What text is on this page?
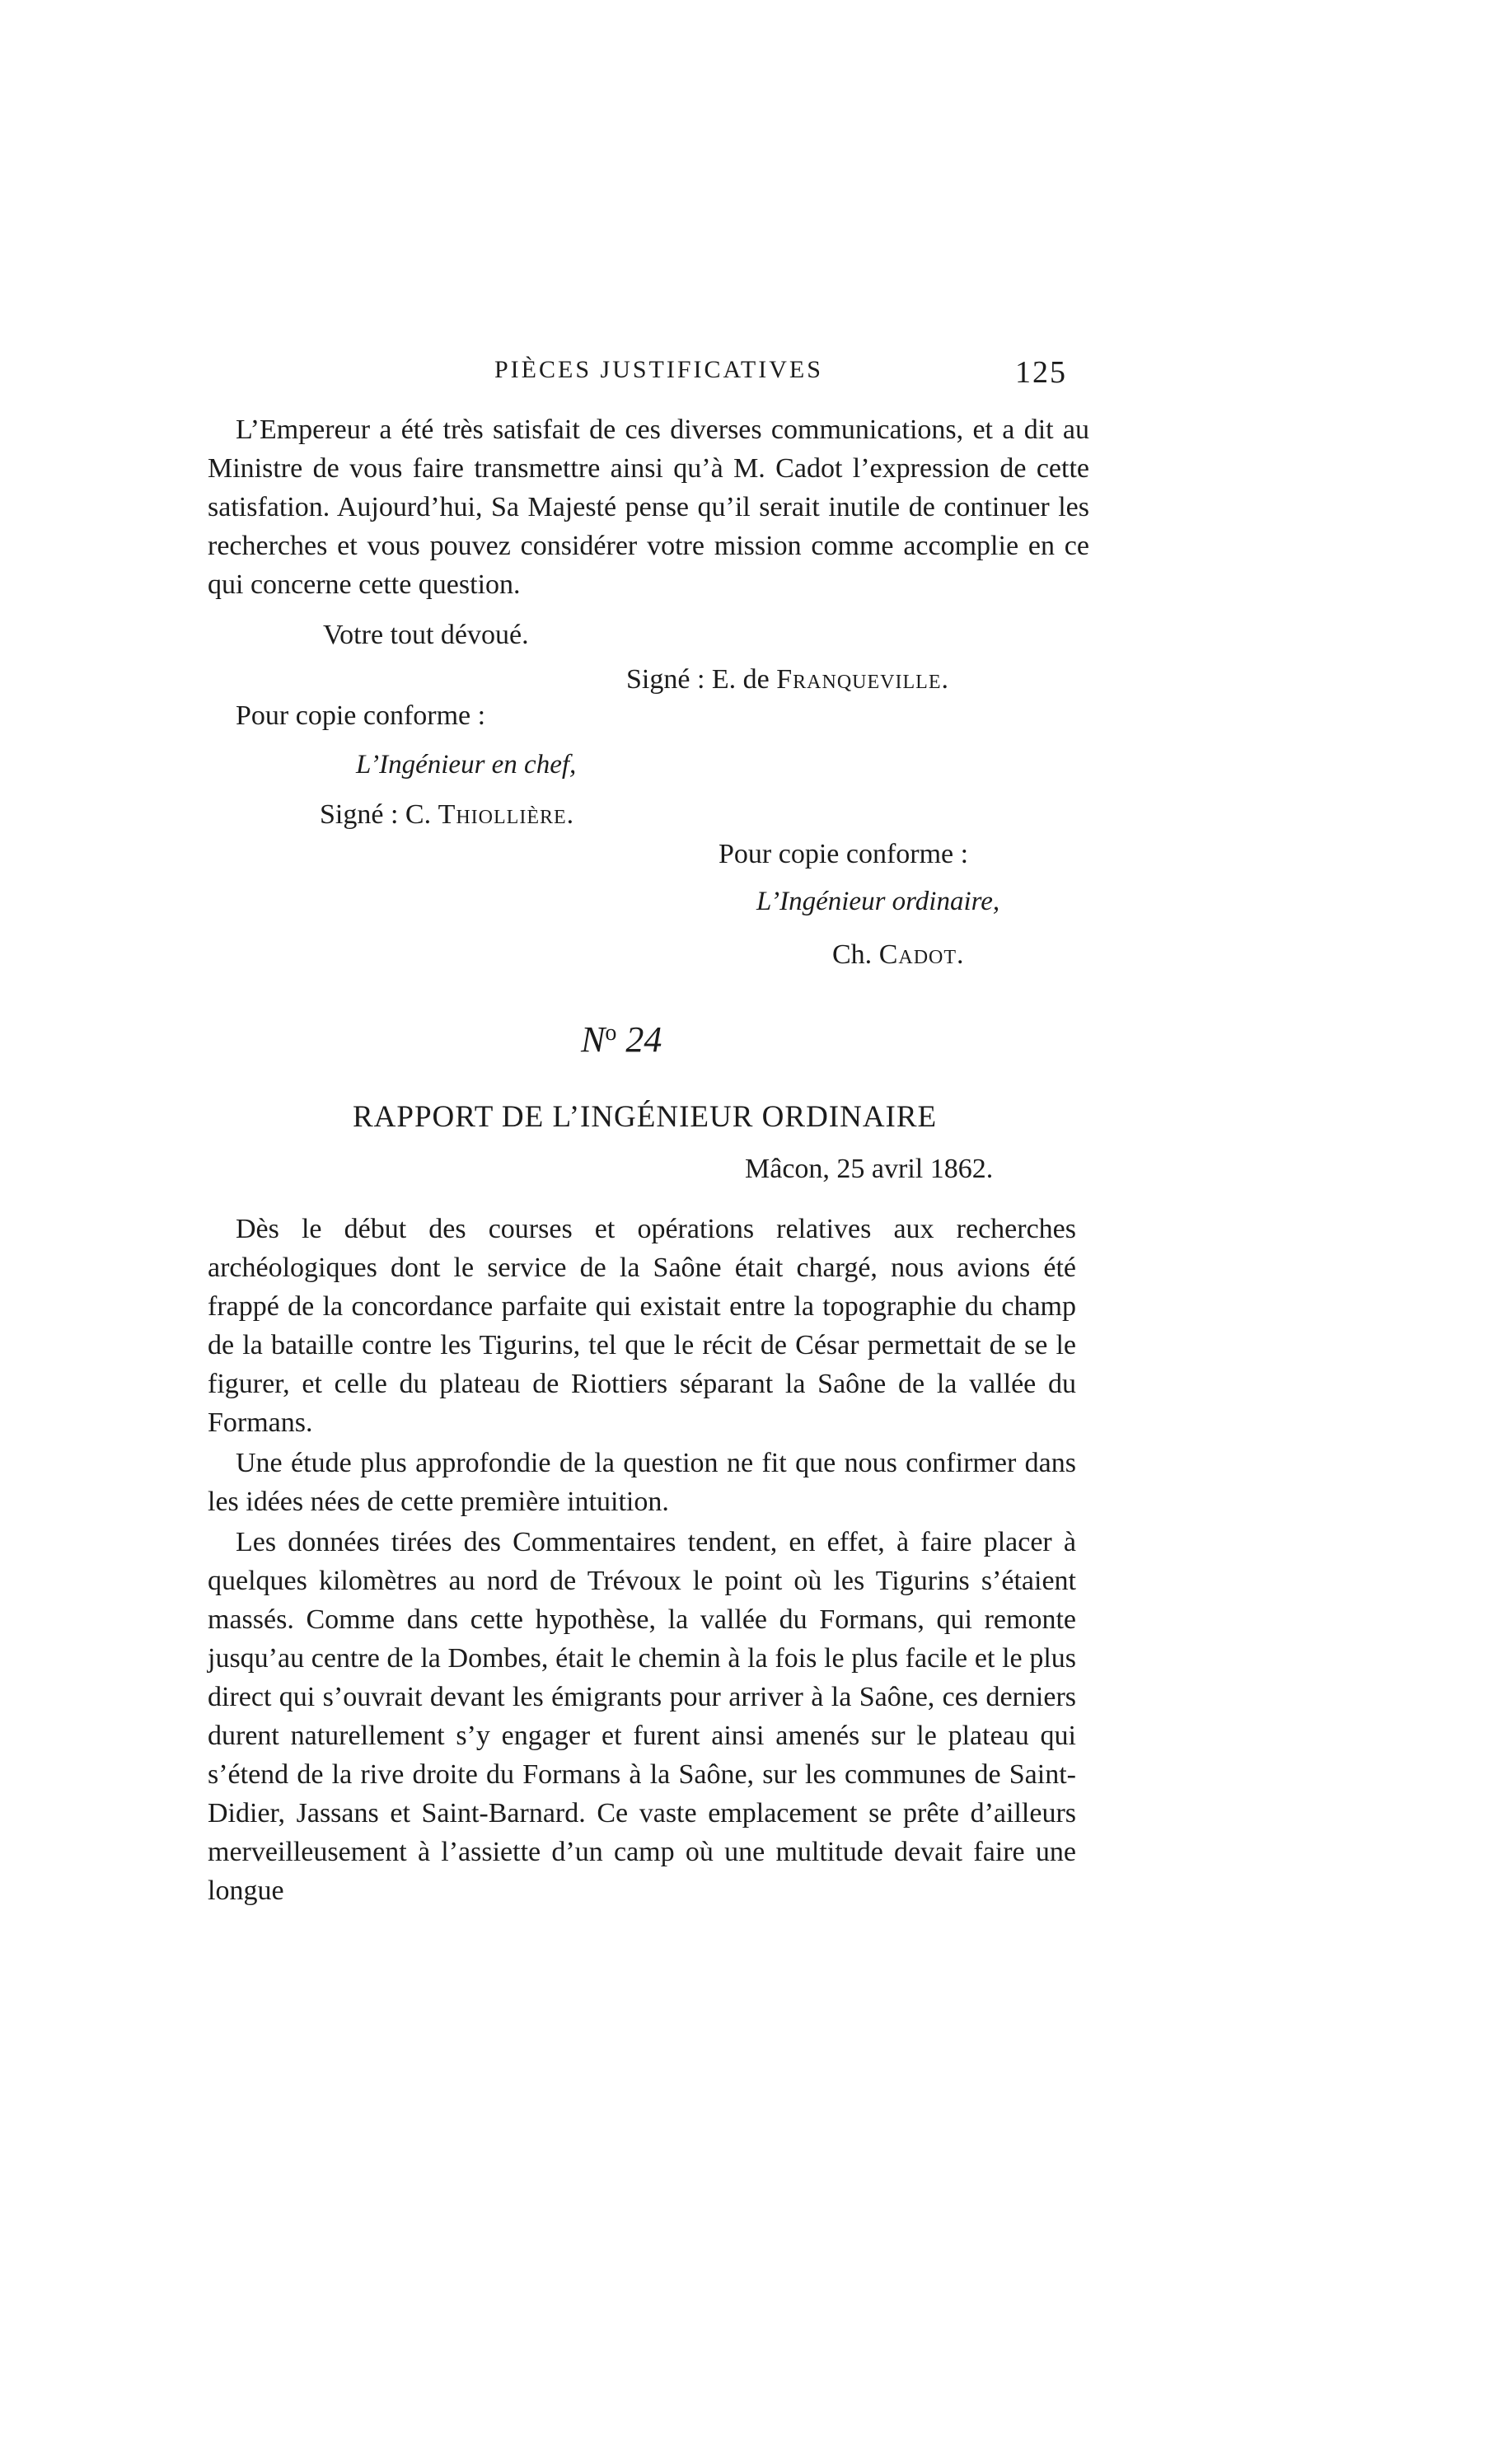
PIÈCES JUSTIFICATIVES	125

L’Empereur a été très satisfait de ces diverses communications, et a dit au Ministre de vous faire transmettre ainsi qu’à M. Cadot l’expression de cette satisfation. Aujourd’hui, Sa Majesté pense qu’il serait inutile de continuer les recherches et vous pouvez considérer votre mission comme accomplie en ce qui concerne cette question.

Votre tout dévoué.
Signé : E. de Franqueville.
Pour copie conforme :
L’Ingénieur en chef,
Signé : C. Thiollière.
Pour copie conforme :
L’Ingénieur ordinaire,
Ch. Cadot.
$N^o$ 24
RAPPORT DE L’INGÉNIEUR ORDINAIRE
Mâcon, 25 avril 1862.

Dès le début des courses et opérations relatives aux recherches archéologiques dont le service de la Saône était chargé, nous avions été frappé de la concordance parfaite qui existait entre la topographie du champ de la bataille contre les Tigurins, tel que le récit de César permettait de se le figurer, et celle du plateau de Riottiers séparant la Saône de la vallée du Formans.

Une étude plus approfondie de la question ne fit que nous confirmer dans les idées nées de cette première intuition.

Les données tirées des Commentaires tendent, en effet, à faire placer à quelques kilomètres au nord de Trévoux le point où les Tigurins s’étaient massés. Comme dans cette hypothèse, la vallée du Formans, qui remonte jusqu’au centre de la Dombes, était le chemin à la fois le plus facile et le plus direct qui s’ouvrait devant les émigrants pour arriver à la Saône, ces derniers durent naturellement s’y engager et furent ainsi amenés sur le plateau qui s’étend de la rive droite du Formans à la Saône, sur les communes de Saint-Didier, Jassans et Saint-Barnard. Ce vaste emplacement se prête d’ailleurs merveilleusement à l’assiette d’un camp où une multitude devait faire une longue
